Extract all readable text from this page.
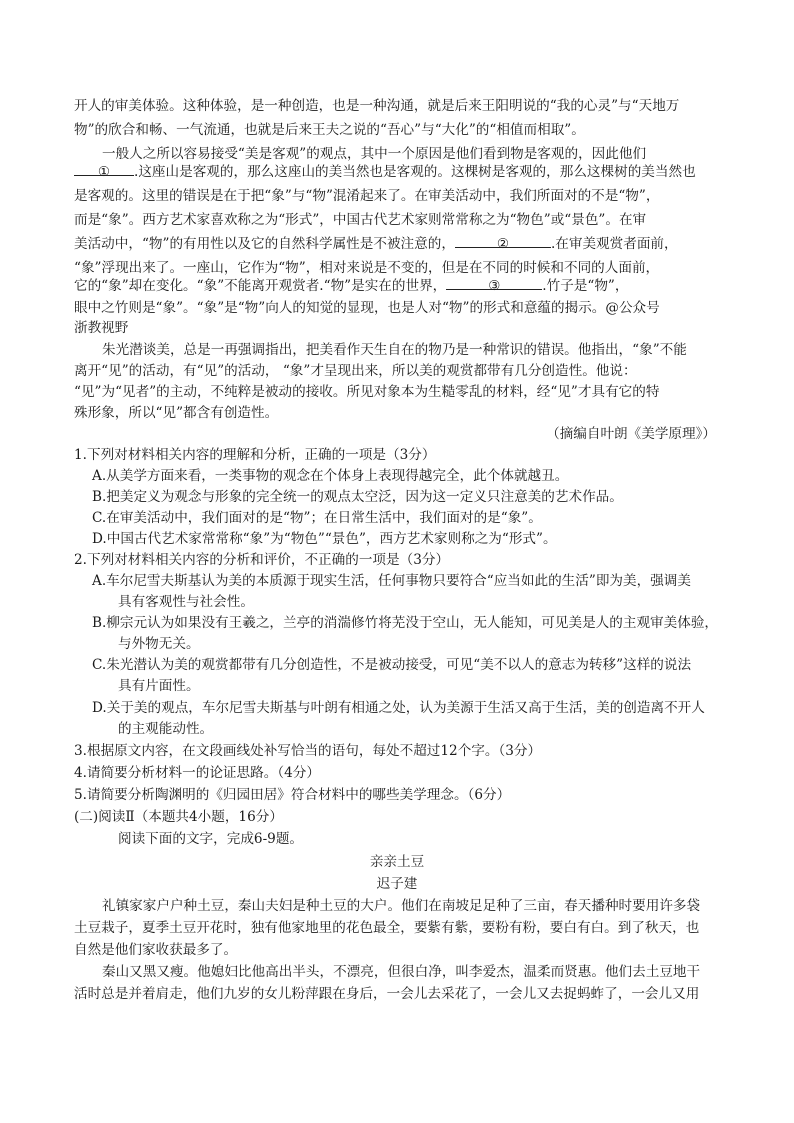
开人的审美体验。这种体验，是一种创造，也是一种沟通，就是后来王阳明说的“我的心灵”与“天地万
物”的欣合和畅、一气流通，也就是后来王夫之说的“吾心”与“大化”的“相值而相取”。
一般人之所以容易接受“美是客观”的观点，其中一个原因是他们看到物是客观的，因此他们
① .这座山是客观的，那么这座山的美当然也是客观的。这棵树是客观的，那么这棵树的美当然也
是客观的。这里的错误是在于把“象”与“物”混淆起来了。在审美活动中，我们所面对的不是“物”，
而是“象”。西方艺术家喜欢称之为“形式”，中国古代艺术家则常常称之为“物色”或“景色”。在审
美活动中，“物”的有用性以及它的自然科学属性是不被注意的，	②	.在审美观赏者面前，
“象”浮现出来了。一座山，它作为“物”，相对来说是不变的，但是在不同的时候和不同的人面前，
它的“象”却在变化。“象”不能离开观赏者.“物”是实在的世界，	③	.竹子是“物”，
眼中之竹则是“象”。“象”是“物”向人的知觉的显现，也是人对“物”的形式和意蕴的揭示。@公众号
浙教视野
朱光潜谈美，总是一再强调指出，把美看作天生自在的物乃是一种常识的错误。他指出，“象”不能
离开“见”的活动，有“见”的活动， “象”才呈现出来，所以美的观赏都带有几分创造性。他说：
“见”为“见者”的主动，不纯粹是被动的接收。所见对象本为生糙零乱的材料，经“见”才具有它的特
殊形象，所以“见”都含有创造性。
（摘编自叶朗《美学原理》）
1.下列对材料相关内容的理解和分析，正确的一项是（3分）
A.从美学方面来看，一类事物的观念在个体身上表现得越完全，此个体就越丑。
B.把美定义为观念与形象的完全统一的观点太空泛，因为这一定义只注意美的艺术作品。
C.在审美活动中，我们面对的是“物”；在日常生活中，我们面对的是“象”。
D.中国古代艺术家常常称“象”为“物色”“景色”，西方艺术家则称之为“形式”。
2.下列对材料相关内容的分析和评价，不正确的一项是（3分）
A.车尔尼雪夫斯基认为美的本质源于现实生活，任何事物只要符合“应当如此的生活”即为美，强调美
具有客观性与社会性。
B.柳宗元认为如果没有王羲之，兰亭的消湍修竹将芜没于空山，无人能知，可见美是人的主观审美体验，
与外物无关。
C.朱光潜认为美的观赏都带有几分创造性，不是被动接受，可见“美不以人的意志为转移”这样的说法
具有片面性。
D.关于美的观点，车尔尼雪夫斯基与叶朗有相通之处，认为美源于生活又高于生活，美的创造离不开人
的主观能动性。
3.根据原文内容，在文段画线处补写恰当的语句，每处不超过12个字。（3分）
4.请简要分析材料一的论证思路。（4分）
5.请简要分析陶渊明的《归园田居》符合材料中的哪些美学理念。（6分）
(二)阅读Ⅱ（本题共4小题，16分）
阅读下面的文字，完成6-9题。
亲亲土豆
迟子建
礼镇家家户户种土豆，秦山夫妇是种土豆的大户。他们在南坡足足种了三亩，春天播种时要用许多袋
土豆栽子，夏季土豆开花时，独有他家地里的花色最全，要紫有紫，要粉有粉，要白有白。到了秋天，也
自然是他们家收获最多了。
秦山又黑又瘦。他媳妇比他高出半头，不漂亮，但很白净，叫李爱杰，温柔而贤惠。他们去土豆地干
活时总是并着肩走，他们九岁的女儿粉萍跟在身后，一会儿去采花了，一会儿又去捉蚂蚱了，一会儿又用
